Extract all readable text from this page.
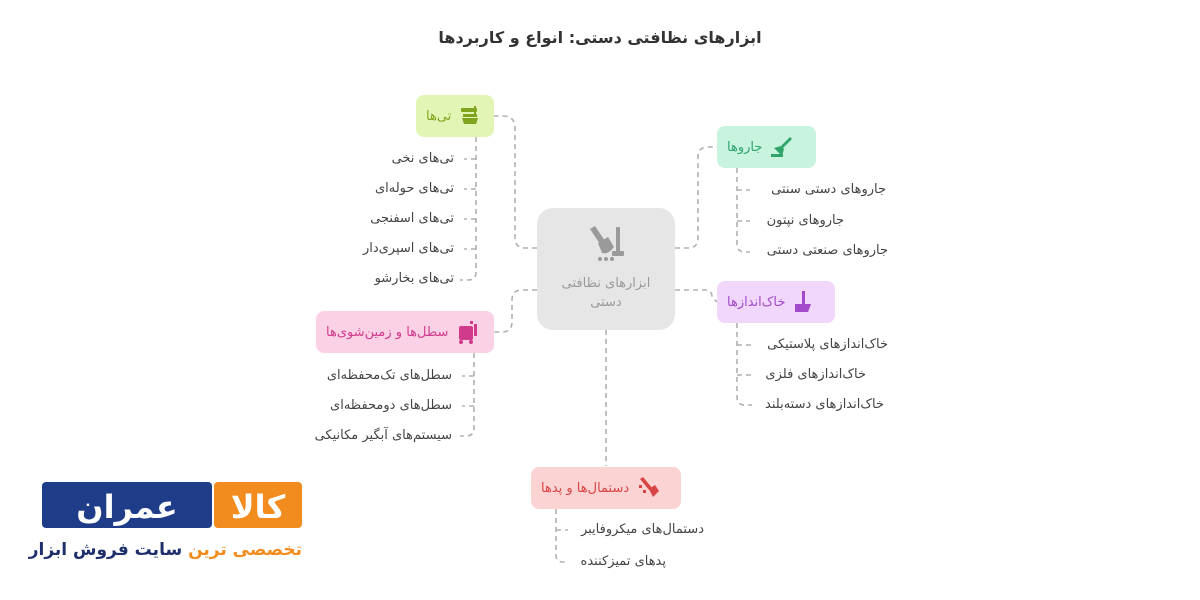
ابزارهای نظافتی دستی: انواع و کاربردها
ابزارهای نظافتی دستی
تی‌ها
تی‌های نخی
تی‌های حوله‌ای
تی‌های اسفنجی
تی‌های اسپری‌دار
تی‌های بخارشو
جاروها
جاروهای دستی سنتی
جاروهای نپتون
جاروهای صنعتی دستی
خاک‌اندازها
خاک‌اندازهای پلاستیکی
خاک‌اندازهای فلزی
خاک‌اندازهای دسته‌بلند
سطل‌ها و زمین‌شوی‌ها
سطل‌های تک‌محفظه‌ای
سطل‌های دومحفظه‌ای
سیستم‌های آبگیر مکانیکی
دستمال‌ها و پدها
دستمال‌های میکروفایبر
پدهای تمیزکننده
عمران کالا
تخصصی ترین سایت فروش ابزار
